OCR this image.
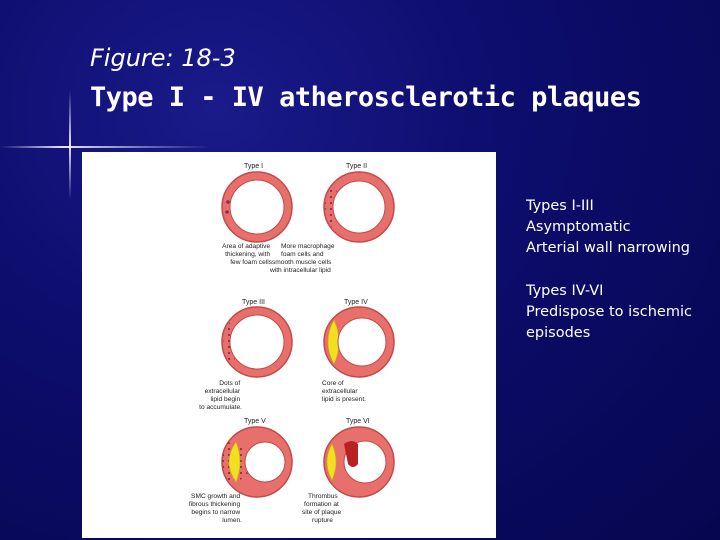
Figure: 18-3
Type I - IV atherosclerotic plaques
Type I
Area of adaptive thickening, with few foam cells
Type II
More macrophage foam cells and smooth muscle cells with intracellular lipid
Type III
Dots of extracellular lipid begin to accumulate.
Type IV
Core of extracellular lipid is present.
Type V
SMC growth and fibrous thickening begins to narrow lumen.
Type VI
Thrombus formation at site of plaque rupture
Types I-III
Asymptomatic
Arterial wall narrowing
Types IV-VI
Predispose to ischemic
episodes
